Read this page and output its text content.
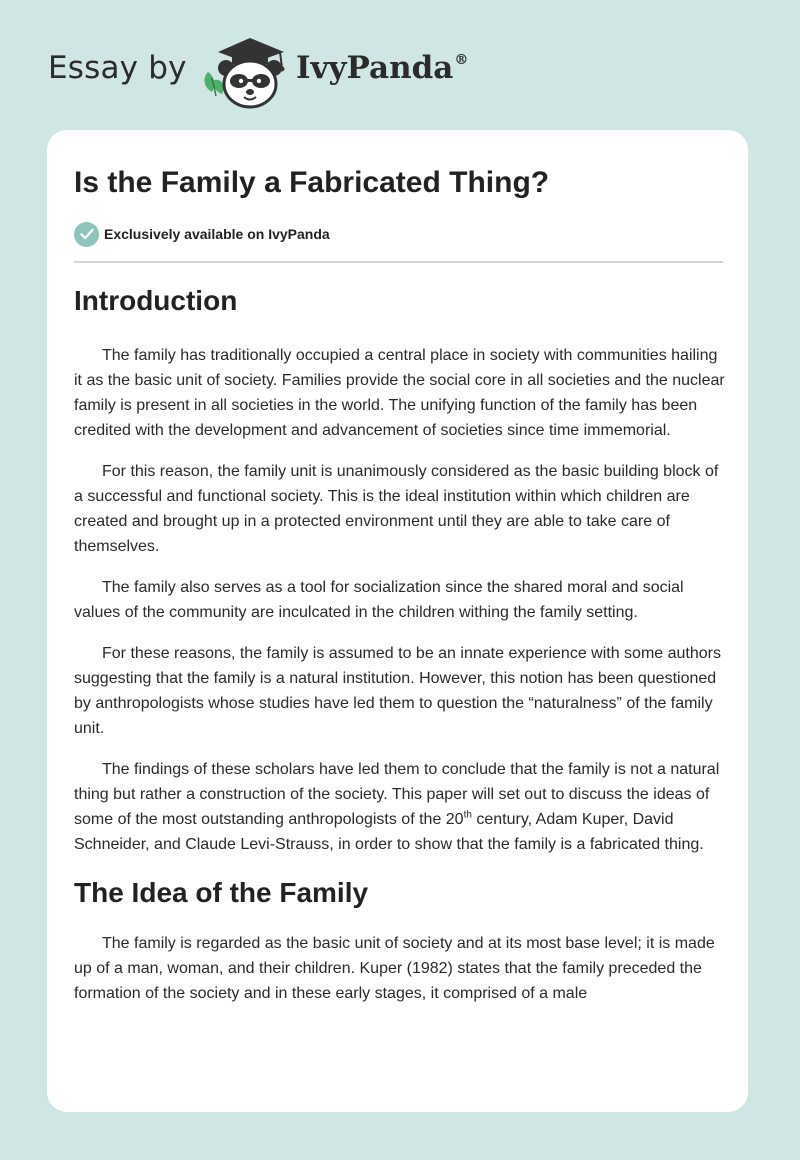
Essay by	IvyPanda®
Is the Family a Fabricated Thing?
Exclusively available on IvyPanda
Introduction

The family has traditionally occupied a central place in society with communities hailing it as the basic unit of society. Families provide the social core in all societies and the nuclear family is present in all societies in the world. The unifying function of the family has been credited with the development and advancement of societies since time immemorial.

For this reason, the family unit is unanimously considered as the basic building block of a successful and functional society. This is the ideal institution within which children are created and brought up in a protected environment until they are able to take care of themselves.

The family also serves as a tool for socialization since the shared moral and social values of the community are inculcated in the children withing the family setting.

For these reasons, the family is assumed to be an innate experience with some authors suggesting that the family is a natural institution. However, this notion has been questioned by anthropologists whose studies have led them to question the “naturalness” of the family unit.

The findings of these scholars have led them to conclude that the family is not a natural thing but rather a construction of the society. This paper will set out to discuss the ideas of some of the most outstanding anthropologists of the 20th century, Adam Kuper, David Schneider, and Claude Levi-Strauss, in order to show that the family is a fabricated thing.

The Idea of the Family

The family is regarded as the basic unit of society and at its most base level; it is made up of a man, woman, and their children. Kuper (1982) states that the family preceded the formation of the society and in these early stages, it comprised of a male
